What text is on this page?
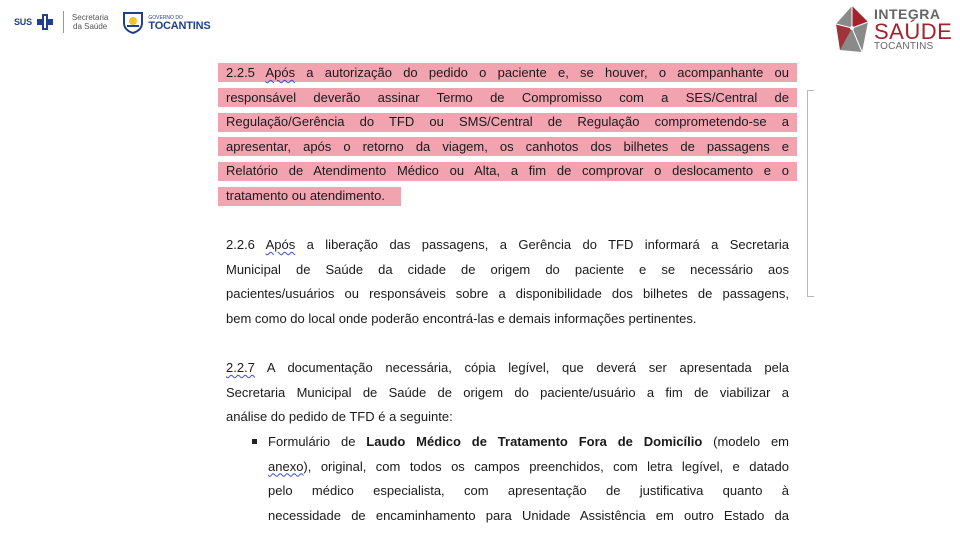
SUS	Secretaria
da Saúde
GOVERNO DO
TOCANTINS
INTEGRA
SAÚDE
TOCANTINS
2.2.5 Após a autorização do pedido o paciente e, se houver, o acompanhante ou
responsável deverão assinar Termo de Compromisso com a SES/Central de
Regulação/Gerência do TFD ou SMS/Central de Regulação comprometendo-se a
apresentar, após o retorno da viagem, os canhotos dos bilhetes de passagens e
Relatório de Atendimento Médico ou Alta, a fim de comprovar o deslocamento e o
tratamento ou atendimento.
2.2.6 Após a liberação das passagens, a Gerência do TFD informará a Secretaria
Municipal de Saúde da cidade de origem do paciente e se necessário aos
pacientes/usuários ou responsáveis sobre a disponibilidade dos bilhetes de passagens,
bem como do local onde poderão encontrá-las e demais informações pertinentes.
2.2.7 A documentação necessária, cópia legível, que deverá ser apresentada pela
Secretaria Municipal de Saúde de origem do paciente/usuário a fim de viabilizar a
análise do pedido de TFD é a seguinte:
Formulário de Laudo Médico de Tratamento Fora de Domicílio (modelo em
anexo), original, com todos os campos preenchidos, com letra legível, e datado
pelo médico especialista, com apresentação de justificativa quanto à
necessidade de encaminhamento para Unidade Assistência em outro Estado da
